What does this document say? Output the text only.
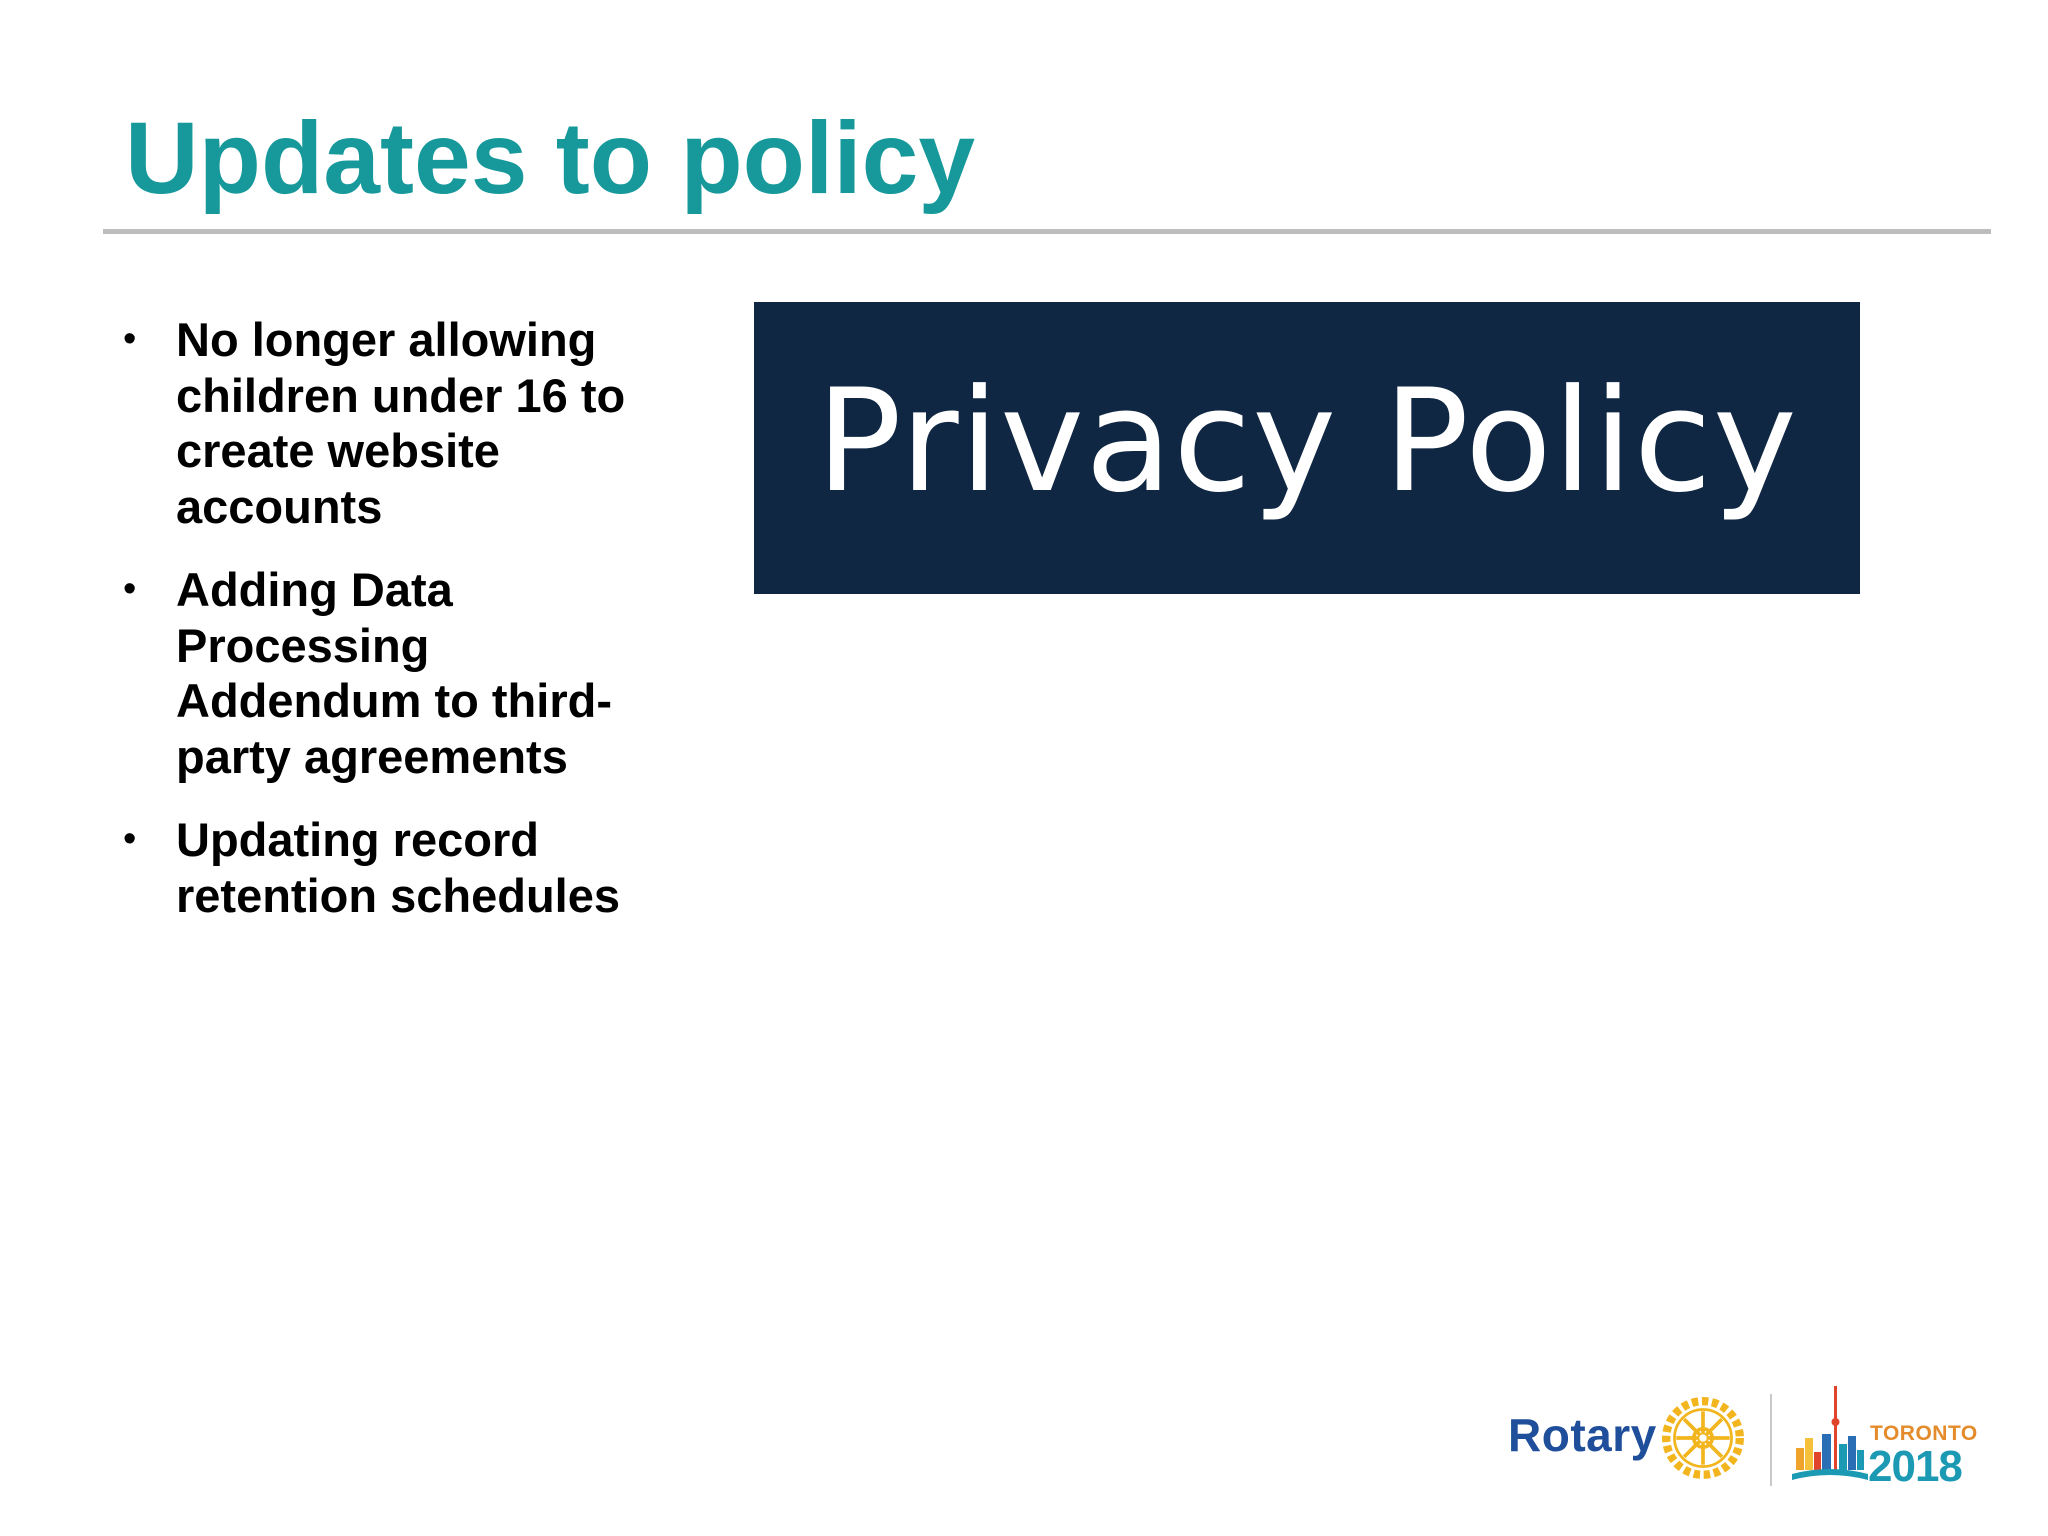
Updates to policy
• No longer allowing children under 16 to create website accounts
• Adding Data Processing Addendum to third-party agreements
• Updating record retention schedules
Privacy Policy
Rotary	TORONTO
2018
